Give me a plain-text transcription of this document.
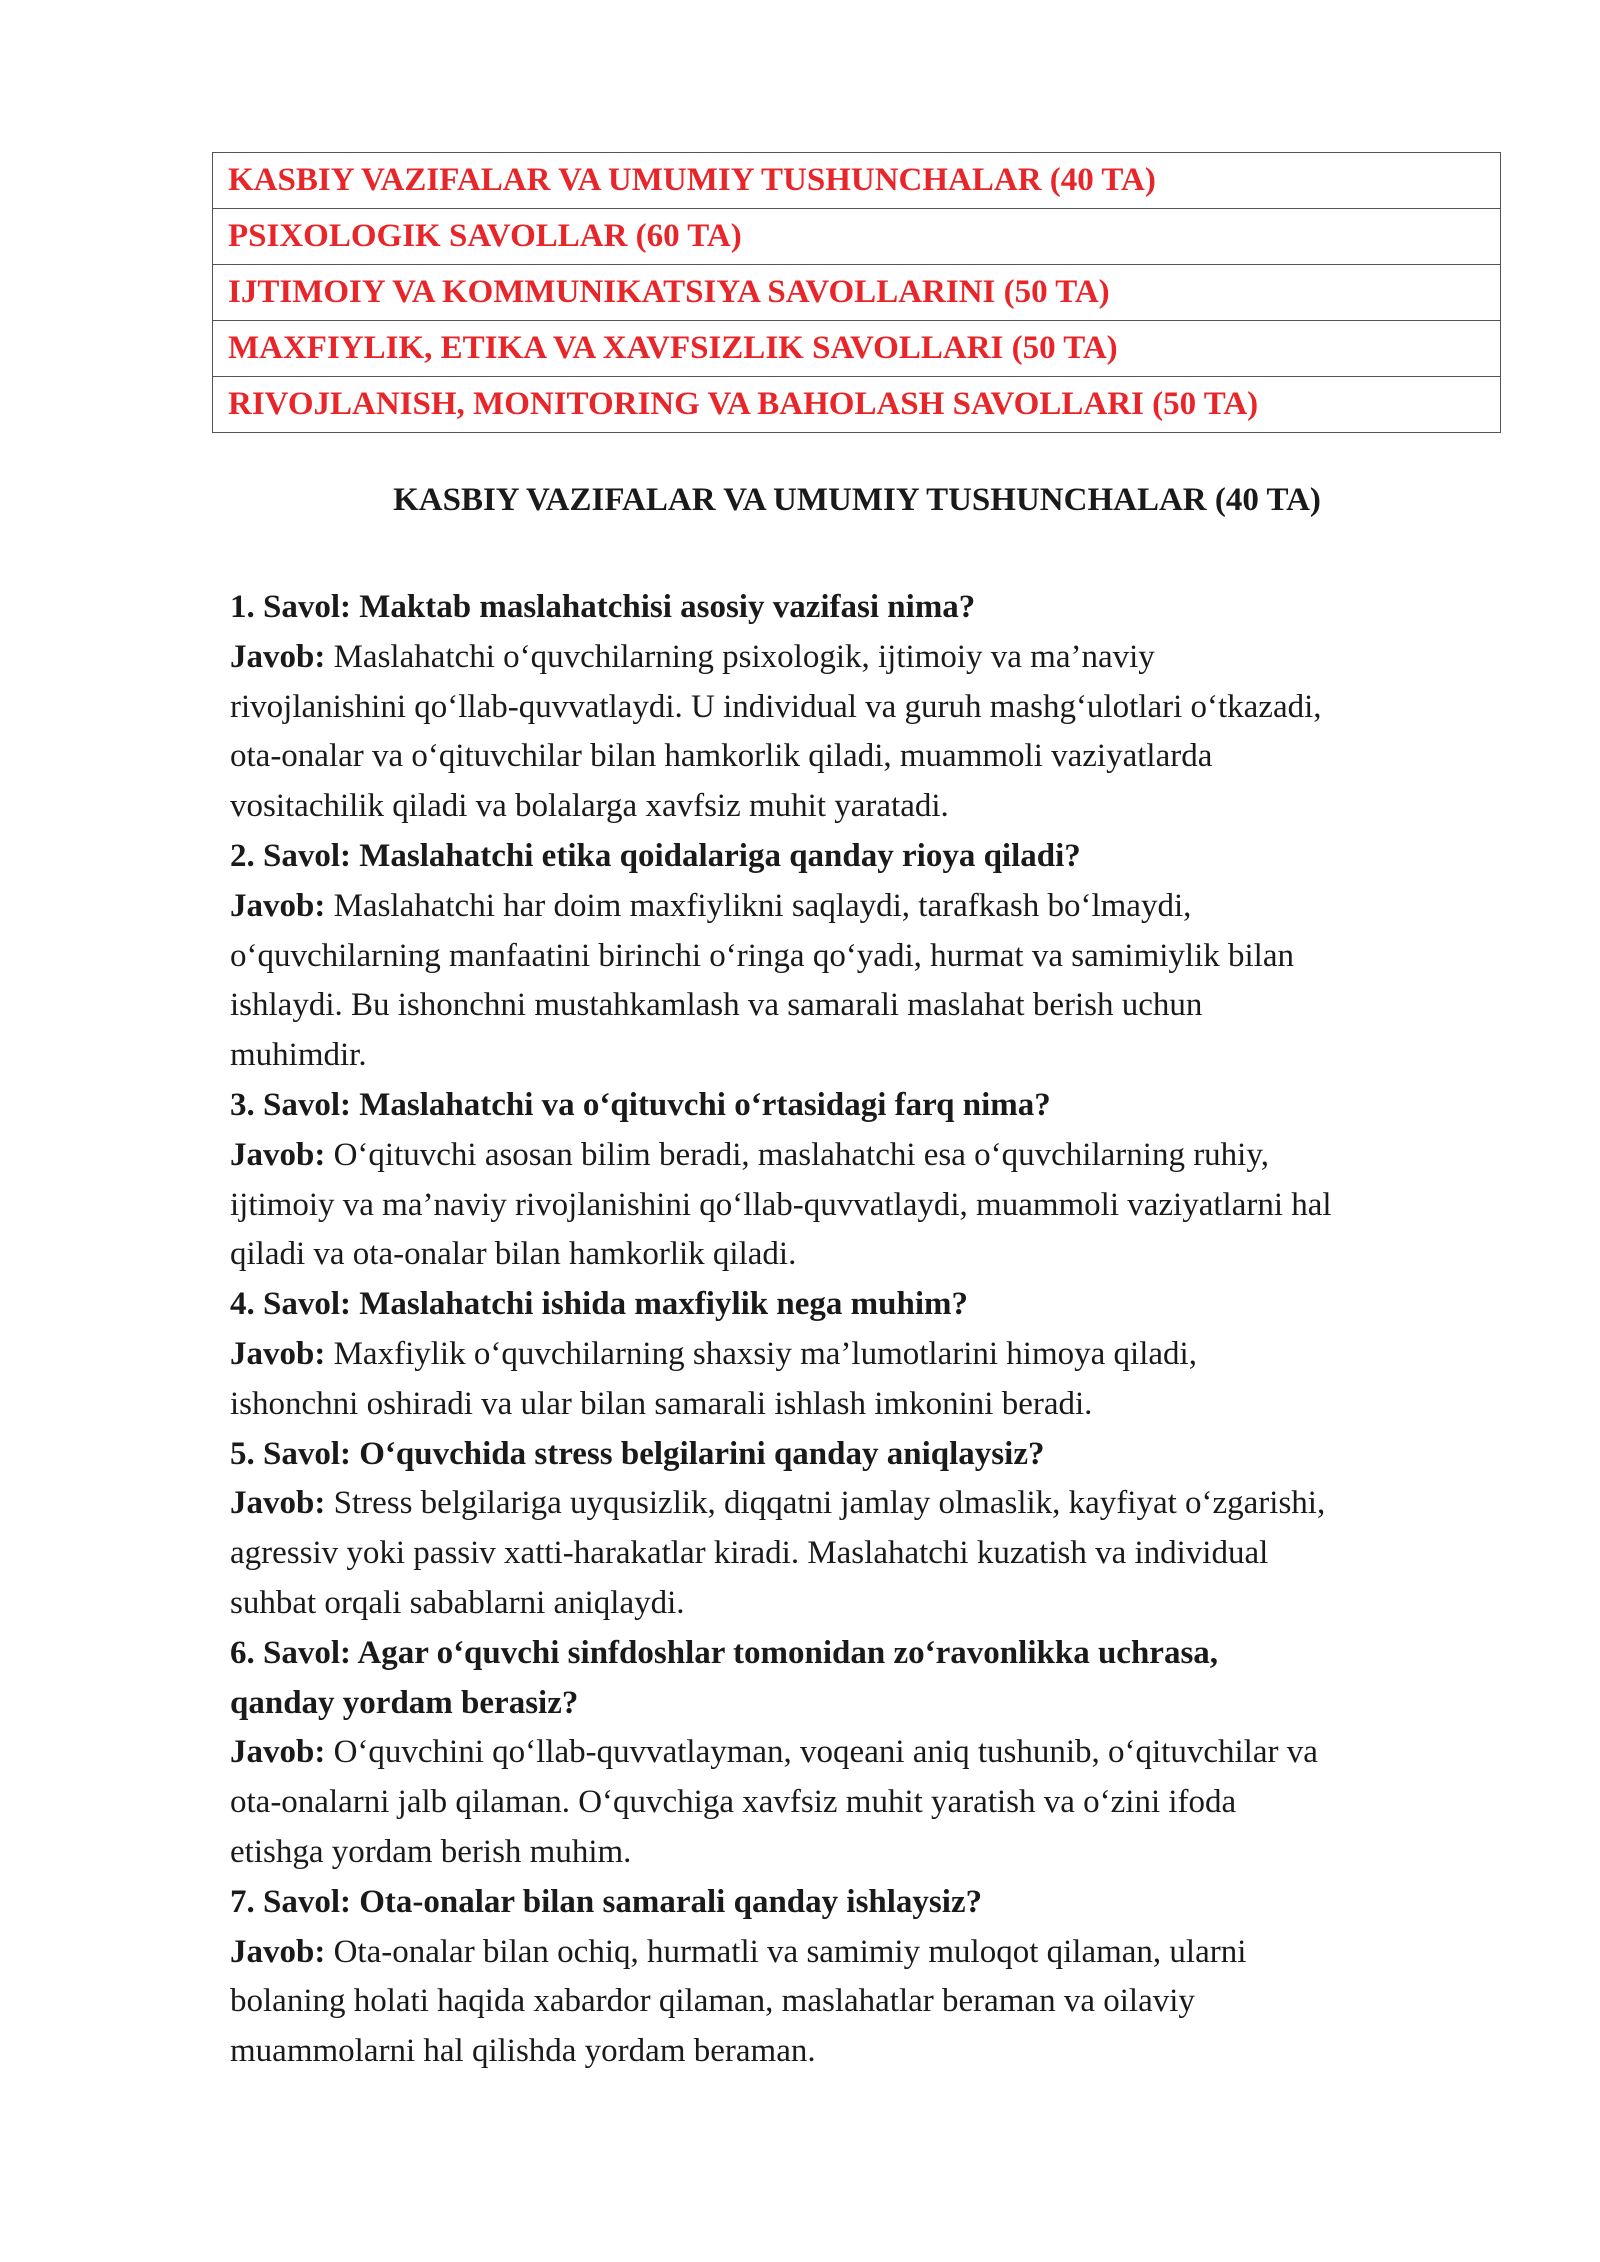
KASBIY VAZIFALAR VA UMUMIY TUSHUNCHALAR (40 TA)
PSIXOLOGIK SAVOLLAR (60 TA)
IJTIMOIY VA KOMMUNIKATSIYA SAVOLLARINI (50 TA)
MAXFIYLIK, ETIKA VA XAVFSIZLIK SAVOLLARI (50 TA)
RIVOJLANISH, MONITORING VA BAHOLASH SAVOLLARI (50 TA)
KASBIY VAZIFALAR VA UMUMIY TUSHUNCHALAR (40 TA)

1. Savol: Maktab maslahatchisi asosiy vazifasi nima?

Javob: Maslahatchi o‘quvchilarning psixologik, ijtimoiy va ma’naviy

rivojlanishini qo‘llab-quvvatlaydi. U individual va guruh mashg‘ulotlari o‘tkazadi,

ota-onalar va o‘qituvchilar bilan hamkorlik qiladi, muammoli vaziyatlarda

vositachilik qiladi va bolalarga xavfsiz muhit yaratadi.

2. Savol: Maslahatchi etika qoidalariga qanday rioya qiladi?

Javob: Maslahatchi har doim maxfiylikni saqlaydi, tarafkash bo‘lmaydi,

o‘quvchilarning manfaatini birinchi o‘ringa qo‘yadi, hurmat va samimiylik bilan

ishlaydi. Bu ishonchni mustahkamlash va samarali maslahat berish uchun

muhimdir.

3. Savol: Maslahatchi va o‘qituvchi o‘rtasidagi farq nima?

Javob: O‘qituvchi asosan bilim beradi, maslahatchi esa o‘quvchilarning ruhiy,

ijtimoiy va ma’naviy rivojlanishini qo‘llab-quvvatlaydi, muammoli vaziyatlarni hal

qiladi va ota-onalar bilan hamkorlik qiladi.

4. Savol: Maslahatchi ishida maxfiylik nega muhim?

Javob: Maxfiylik o‘quvchilarning shaxsiy ma’lumotlarini himoya qiladi,

ishonchni oshiradi va ular bilan samarali ishlash imkonini beradi.

5. Savol: O‘quvchida stress belgilarini qanday aniqlaysiz?

Javob: Stress belgilariga uyqusizlik, diqqatni jamlay olmaslik, kayfiyat o‘zgarishi,

agressiv yoki passiv xatti-harakatlar kiradi. Maslahatchi kuzatish va individual

suhbat orqali sabablarni aniqlaydi.

6. Savol: Agar o‘quvchi sinfdoshlar tomonidan zo‘ravonlikka uchrasa,

qanday yordam berasiz?

Javob: O‘quvchini qo‘llab-quvvatlayman, voqeani aniq tushunib, o‘qituvchilar va

ota-onalarni jalb qilaman. O‘quvchiga xavfsiz muhit yaratish va o‘zini ifoda

etishga yordam berish muhim.

7. Savol: Ota-onalar bilan samarali qanday ishlaysiz?

Javob: Ota-onalar bilan ochiq, hurmatli va samimiy muloqot qilaman, ularni

bolaning holati haqida xabardor qilaman, maslahatlar beraman va oilaviy

muammolarni hal qilishda yordam beraman.
